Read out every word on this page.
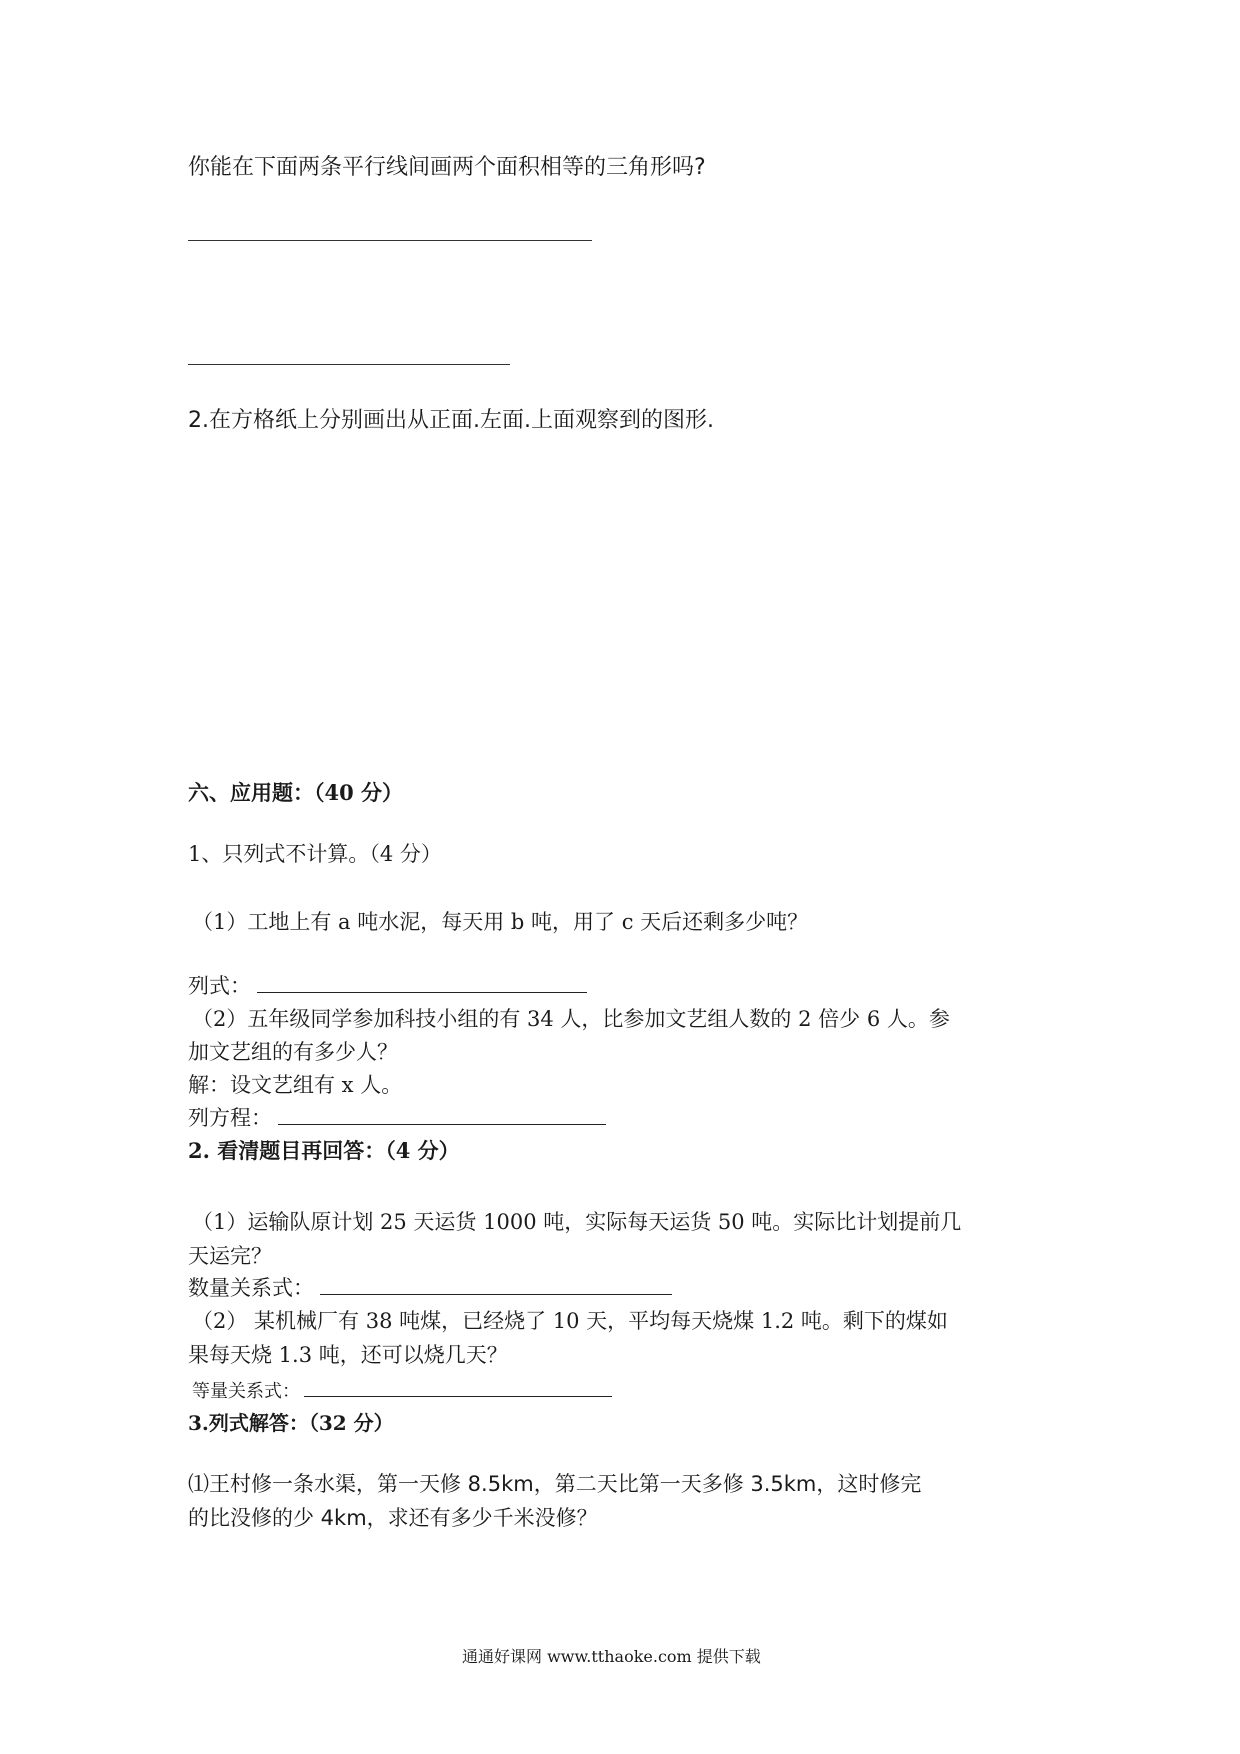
你能在下面两条平行线间画两个面积相等的三角形吗?
2.在方格纸上分别画出从正面.左面.上面观察到的图形.
六、应用题：（40 分）
1、只列式不计算。（4 分）
（1）工地上有 a 吨水泥，每天用 b 吨，用了 c 天后还剩多少吨？
列式：
（2）五年级同学参加科技小组的有 34 人，比参加文艺组人数的 2 倍少 6 人。参
加文艺组的有多少人？
解：设文艺组有 x 人。
列方程：
2. 看清题目再回答：（4 分）
（1）运输队原计划 25 天运货 1000 吨，实际每天运货 50 吨。实际比计划提前几
天运完？
数量关系式：
（2） 某机械厂有 38 吨煤，已经烧了 10 天，平均每天烧煤 1.2 吨。剩下的煤如
果每天烧 1.3 吨，还可以烧几天？
等量关系式：
3.列式解答：（32 分）
⑴王村修一条水渠，第一天修 8.5km，第二天比第一天多修 3.5km，这时修完
的比没修的少 4km，求还有多少千米没修？
通通好课网 www.tthaoke.com 提供下载
